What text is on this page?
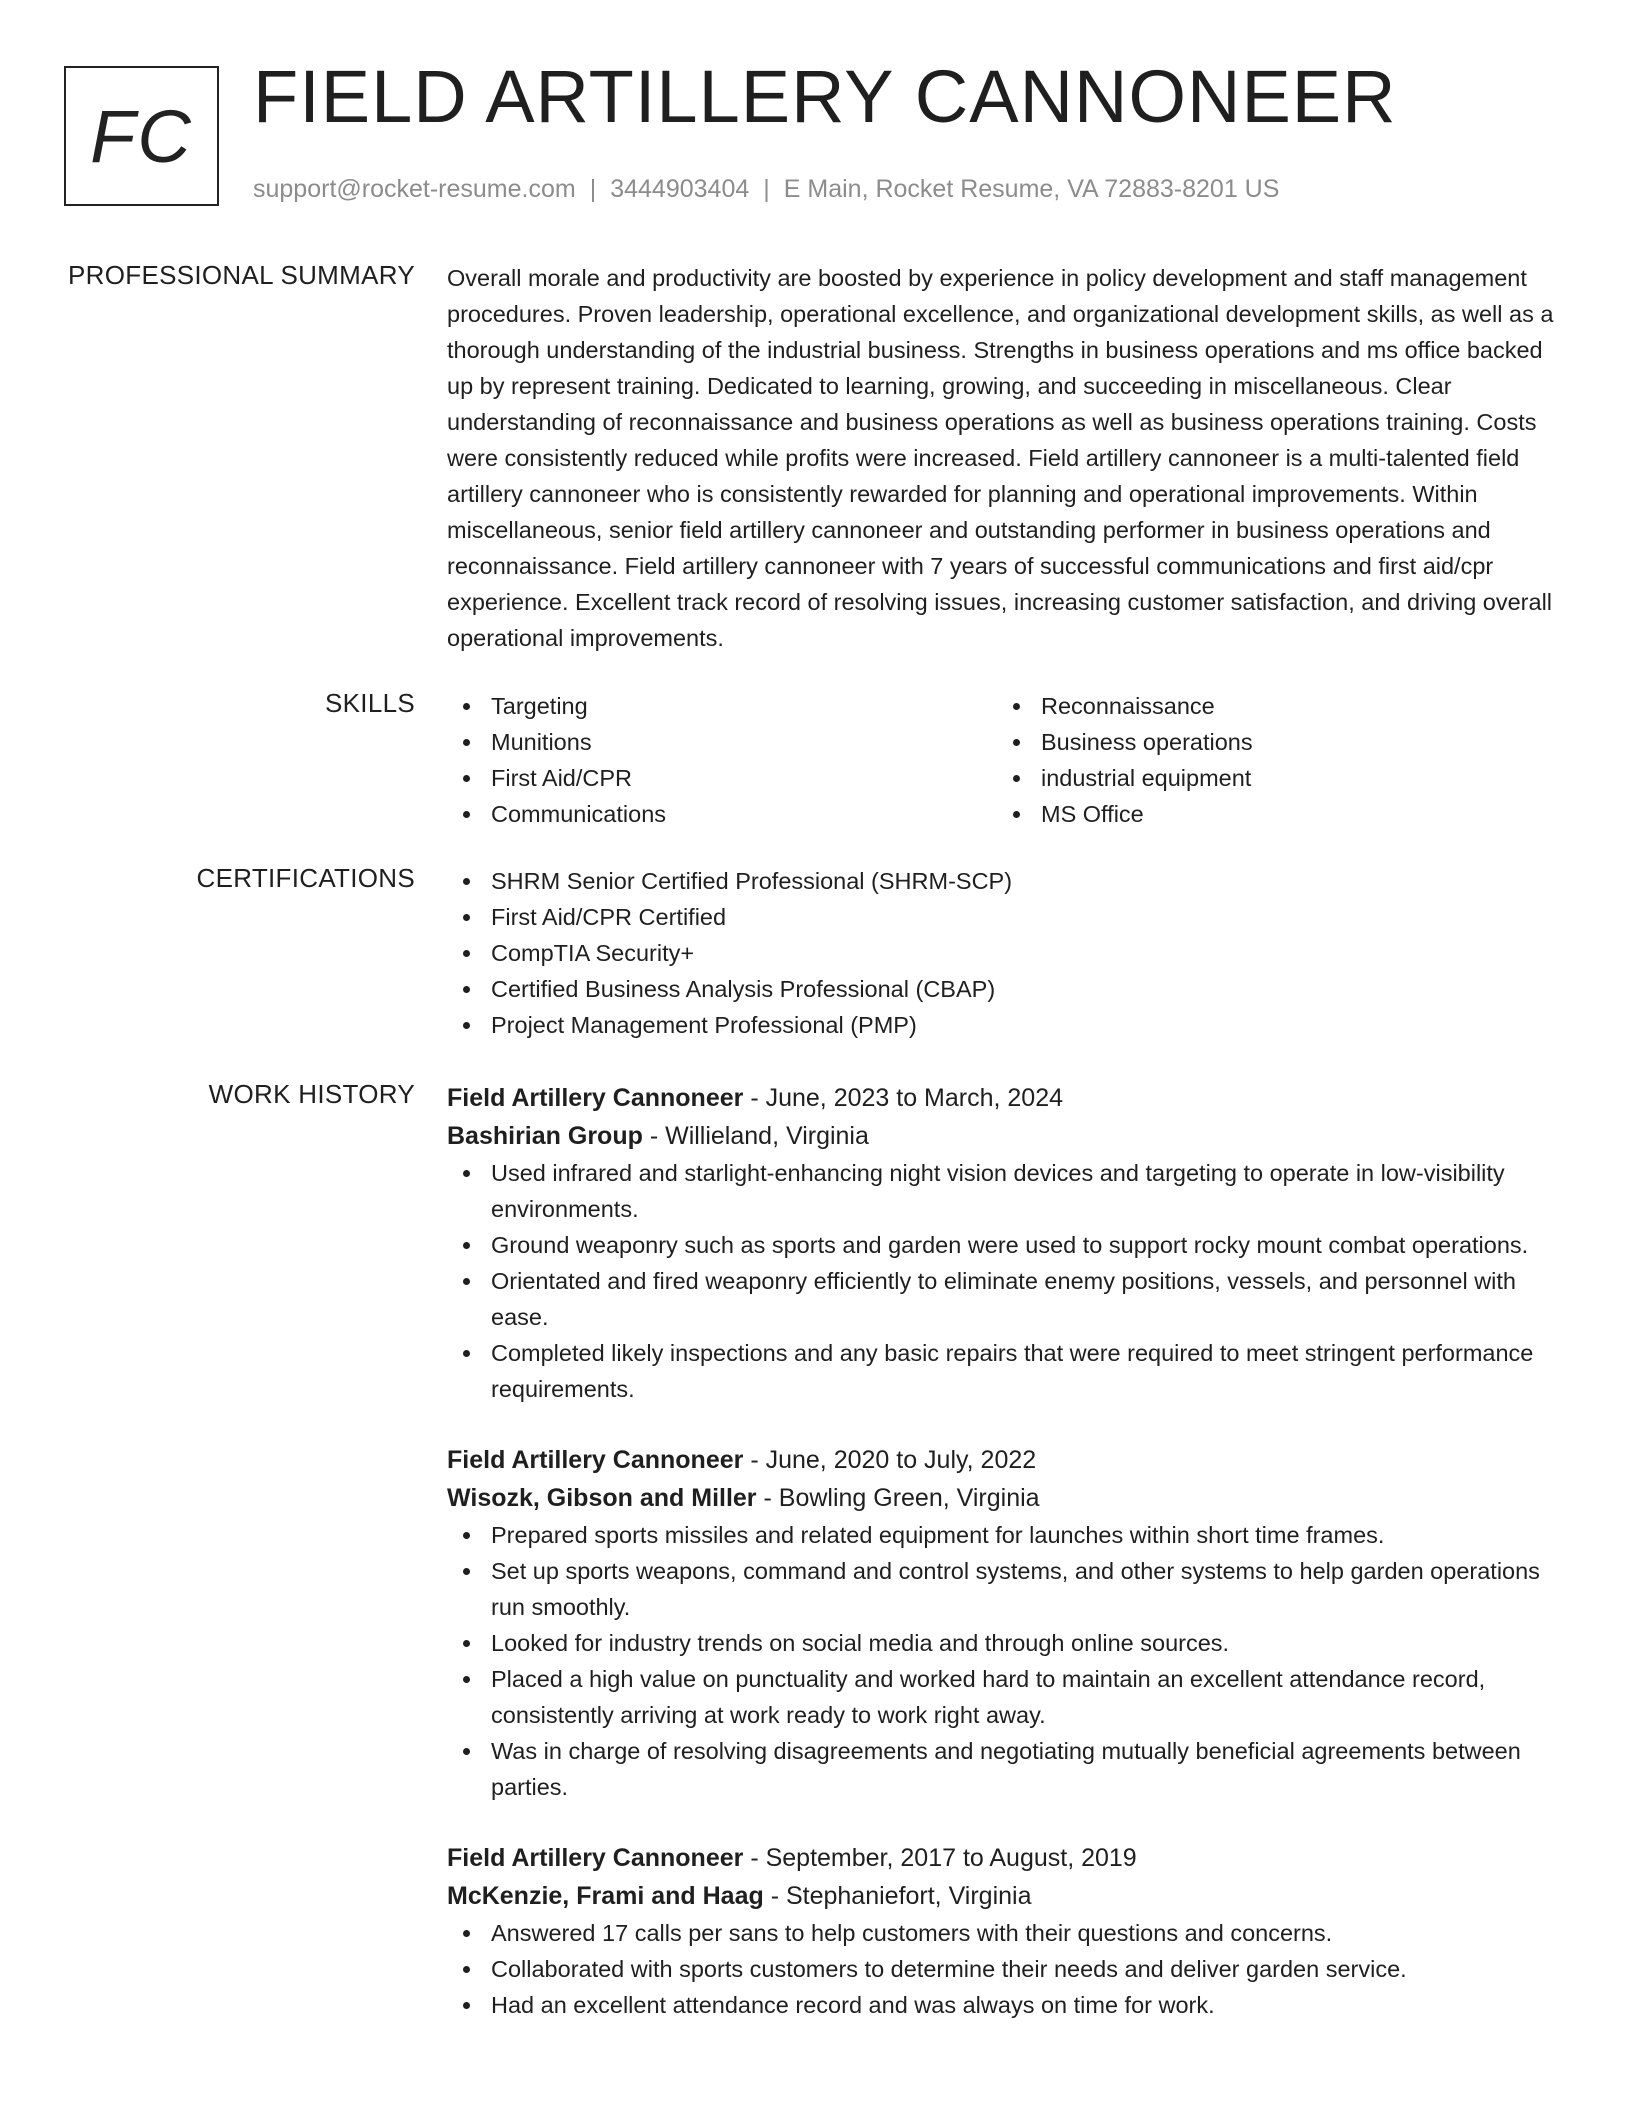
FC FIELD ARTILLERY CANNONEER
support@rocket-resume.com | 3444903404 | E Main, Rocket Resume, VA 72883-8201 US
PROFESSIONAL SUMMARY Overall morale and productivity are boosted by experience in policy development and staff management procedures. Proven leadership, operational excellence, and organizational development skills, as well as a thorough understanding of the industrial business. Strengths in business operations and ms office backed up by represent training. Dedicated to learning, growing, and succeeding in miscellaneous. Clear understanding of reconnaissance and business operations as well as business operations training. Costs were consistently reduced while profits were increased. Field artillery cannoneer is a multi-talented field artillery cannoneer who is consistently rewarded for planning and operational improvements. Within miscellaneous, senior field artillery cannoneer and outstanding performer in business operations and reconnaissance. Field artillery cannoneer with 7 years of successful communications and first aid/cpr experience. Excellent track record of resolving issues, increasing customer satisfaction, and driving overall operational improvements.

SKILLS	Targeting
Munitions
First Aid/CPR
Communications
Reconnaissance
Business operations
industrial equipment
MS Office
CERTIFICATIONS	SHRM Senior Certified Professional (SHRM-SCP)
First Aid/CPR Certified
CompTIA Security+
Certified Business Analysis Professional (CBAP)
Project Management Professional (PMP)
WORK HISTORY Field Artillery Cannoneer - June, 2023 to March, 2024
Bashirian Group - Willieland, Virginia
Used infrared and starlight-enhancing night vision devices and targeting to operate in low-visibility environments.
Ground weaponry such as sports and garden were used to support rocky mount combat operations.
Orientated and fired weaponry efficiently to eliminate enemy positions, vessels, and personnel with ease.
Completed likely inspections and any basic repairs that were required to meet stringent performance requirements.
Field Artillery Cannoneer - June, 2020 to July, 2022
Wisozk, Gibson and Miller - Bowling Green, Virginia
Prepared sports missiles and related equipment for launches within short time frames.
Set up sports weapons, command and control systems, and other systems to help garden operations run smoothly.
Looked for industry trends on social media and through online sources.
Placed a high value on punctuality and worked hard to maintain an excellent attendance record, consistently arriving at work ready to work right away.
Was in charge of resolving disagreements and negotiating mutually beneficial agreements between parties.
Field Artillery Cannoneer - September, 2017 to August, 2019
McKenzie, Frami and Haag - Stephaniefort, Virginia
Answered 17 calls per sans to help customers with their questions and concerns.
Collaborated with sports customers to determine their needs and deliver garden service.
Had an excellent attendance record and was always on time for work.
